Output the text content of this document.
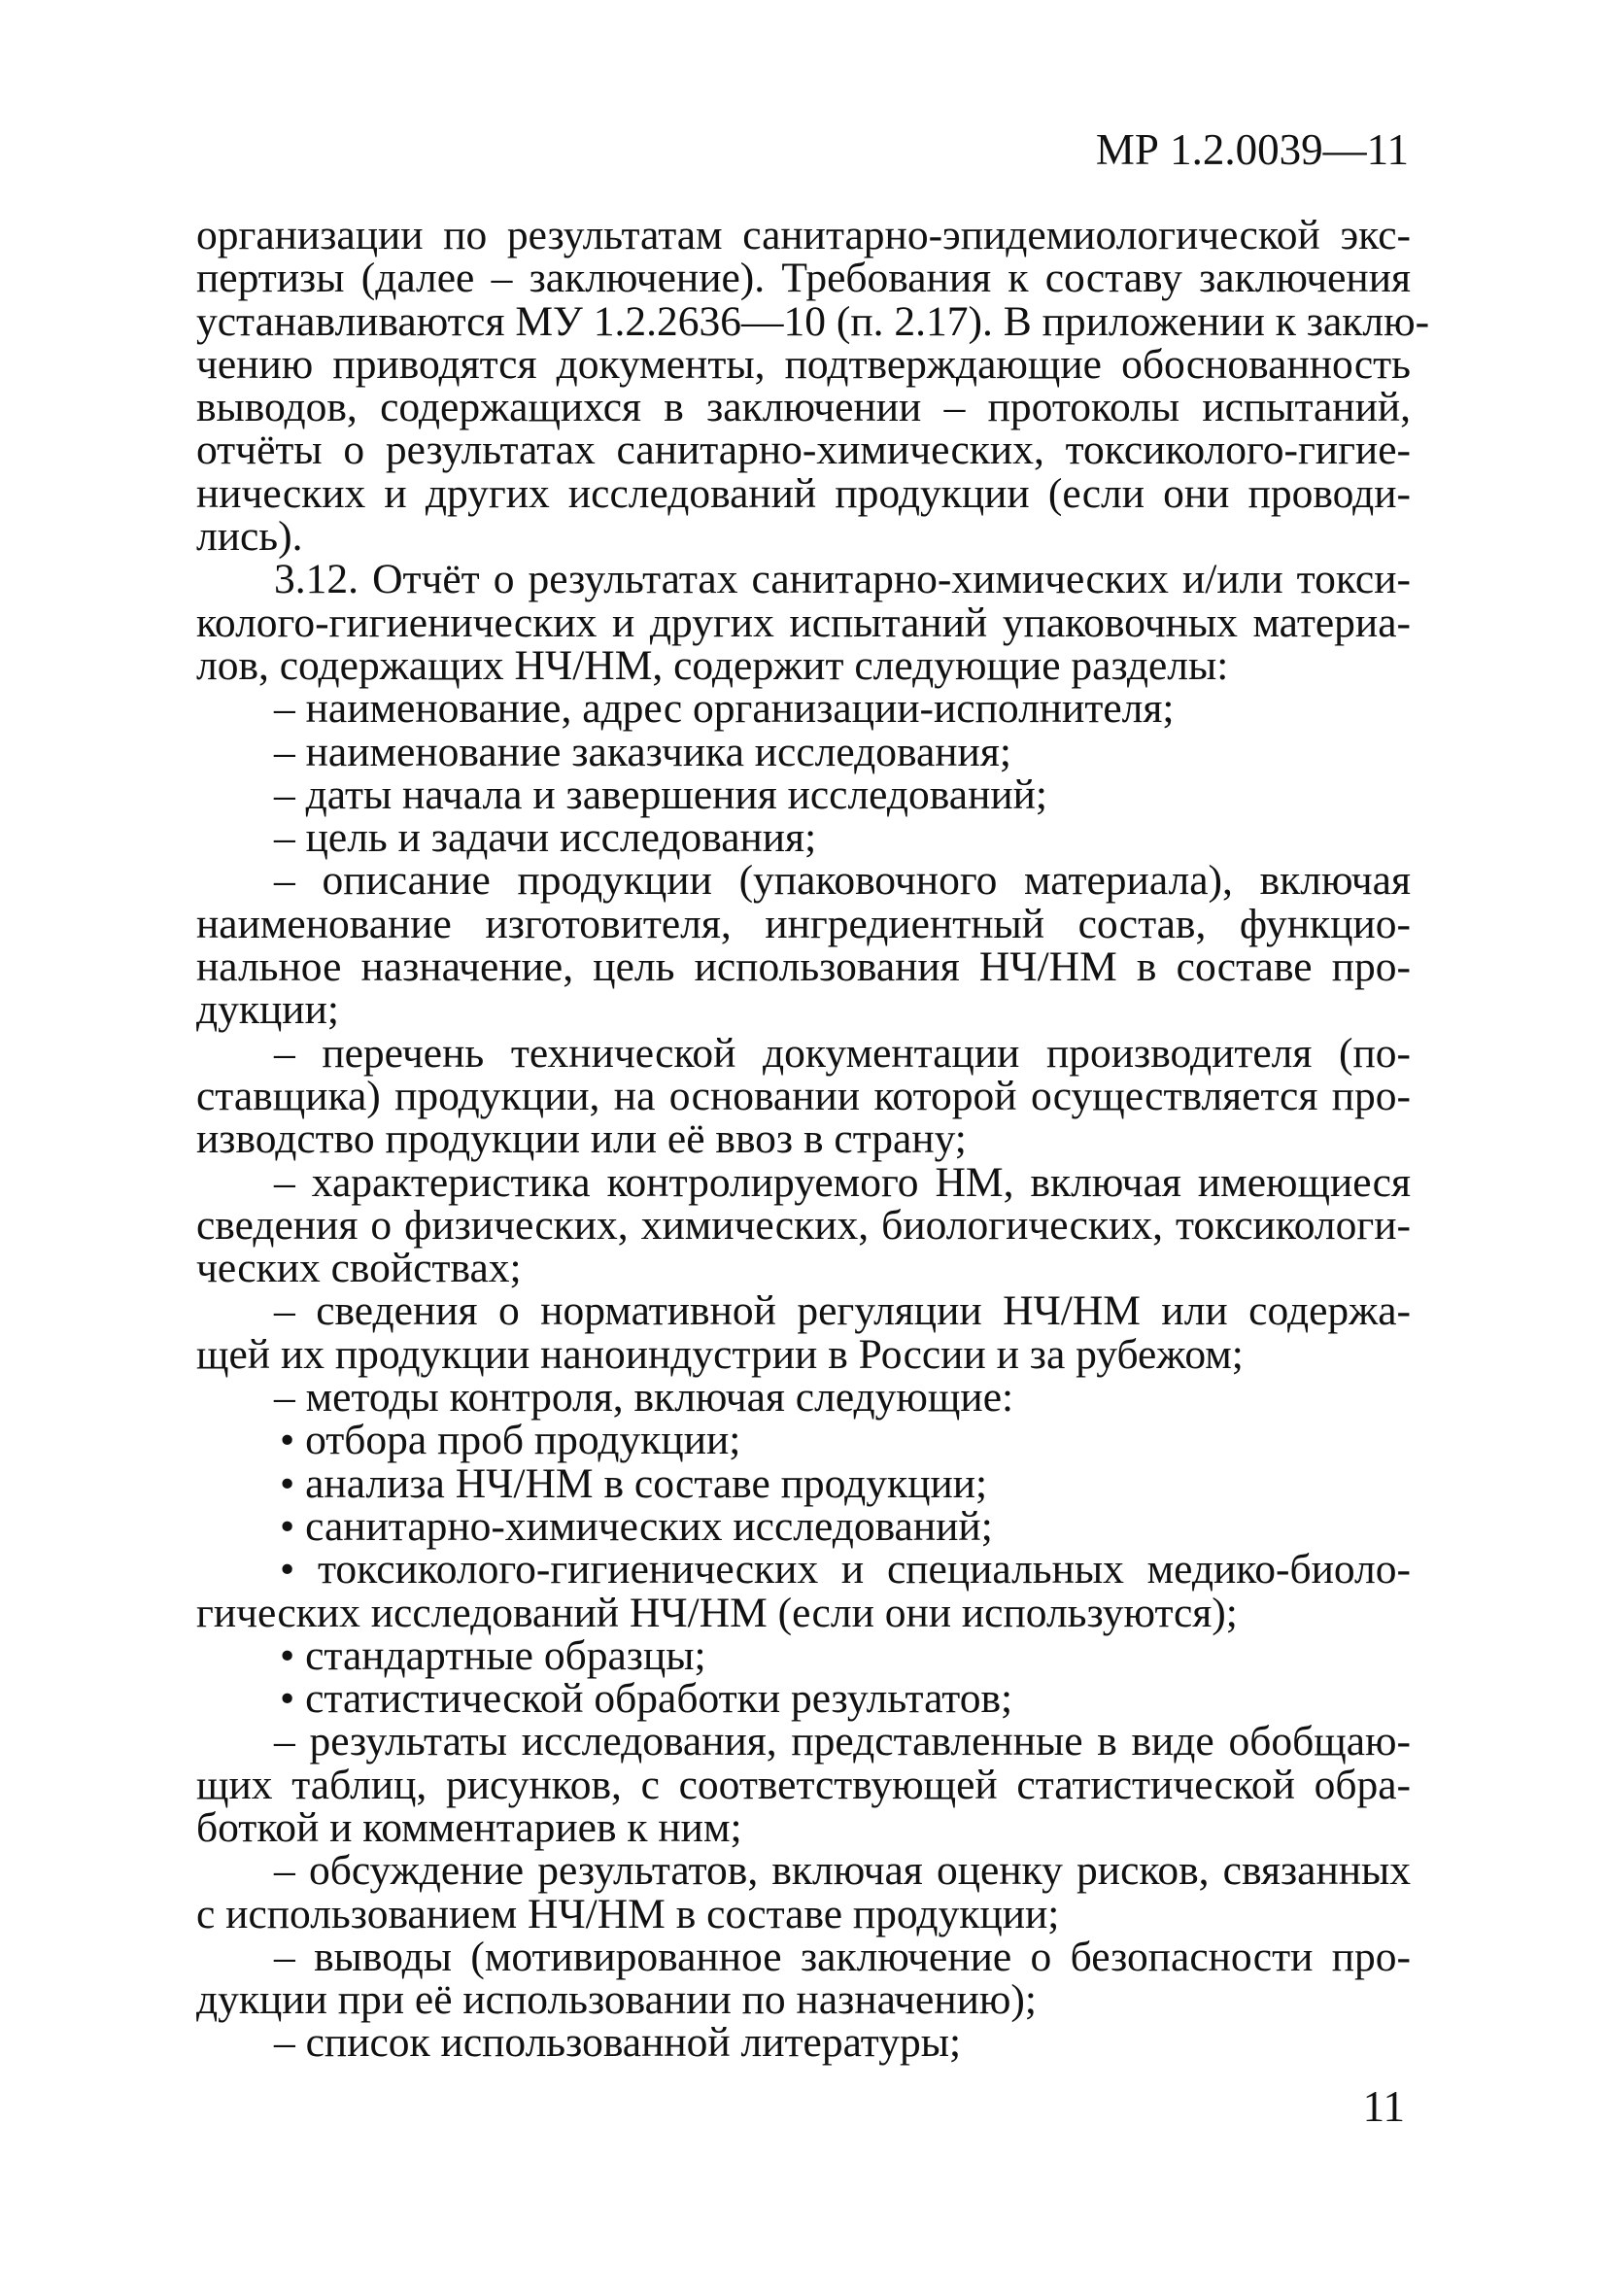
МР 1.2.0039—11
организации по результатам санитарно-эпидемиологической экс-
пертизы (далее – заключение). Требования к составу заключения
устанавливаются МУ 1.2.2636—10 (п. 2.17). В приложении к заклю-
чению приводятся документы, подтверждающие обоснованность
выводов, содержащихся в заключении – протоколы испытаний,
отчёты о результатах санитарно-химических, токсиколого-гигие-
нических и других исследований продукции (если они проводи-
лись).
3.12. Отчёт о результатах санитарно-химических и/или токси-
колого-гигиенических и других испытаний упаковочных материа-
лов, содержащих НЧ/НМ, содержит следующие разделы:
– наименование, адрес организации-исполнителя;
– наименование заказчика исследования;
– даты начала и завершения исследований;
– цель и задачи исследования;
– описание продукции (упаковочного материала), включая
наименование изготовителя, ингредиентный состав, функцио-
нальное назначение, цель использования НЧ/НМ в составе про-
дукции;
– перечень технической документации производителя (по-
ставщика) продукции, на основании которой осуществляется про-
изводство продукции или её ввоз в страну;
– характеристика контролируемого НМ, включая имеющиеся
сведения о физических, химических, биологических, токсикологи-
ческих свойствах;
– сведения о нормативной регуляции НЧ/НМ или содержа-
щей их продукции наноиндустрии в России и за рубежом;
– методы контроля, включая следующие:
• отбора проб продукции;
• анализа НЧ/НМ в составе продукции;
• санитарно-химических исследований;
• токсиколого-гигиенических и специальных медико-биоло-
гических исследований НЧ/НМ (если они используются);
• стандартные образцы;
• статистической обработки результатов;
– результаты исследования, представленные в виде обобщаю-
щих таблиц, рисунков, с соответствующей статистической обра-
боткой и комментариев к ним;
– обсуждение результатов, включая оценку рисков, связанных
с использованием НЧ/НМ в составе продукции;
– выводы (мотивированное заключение о безопасности про-
дукции при её использовании по назначению);
– список использованной литературы;
11
